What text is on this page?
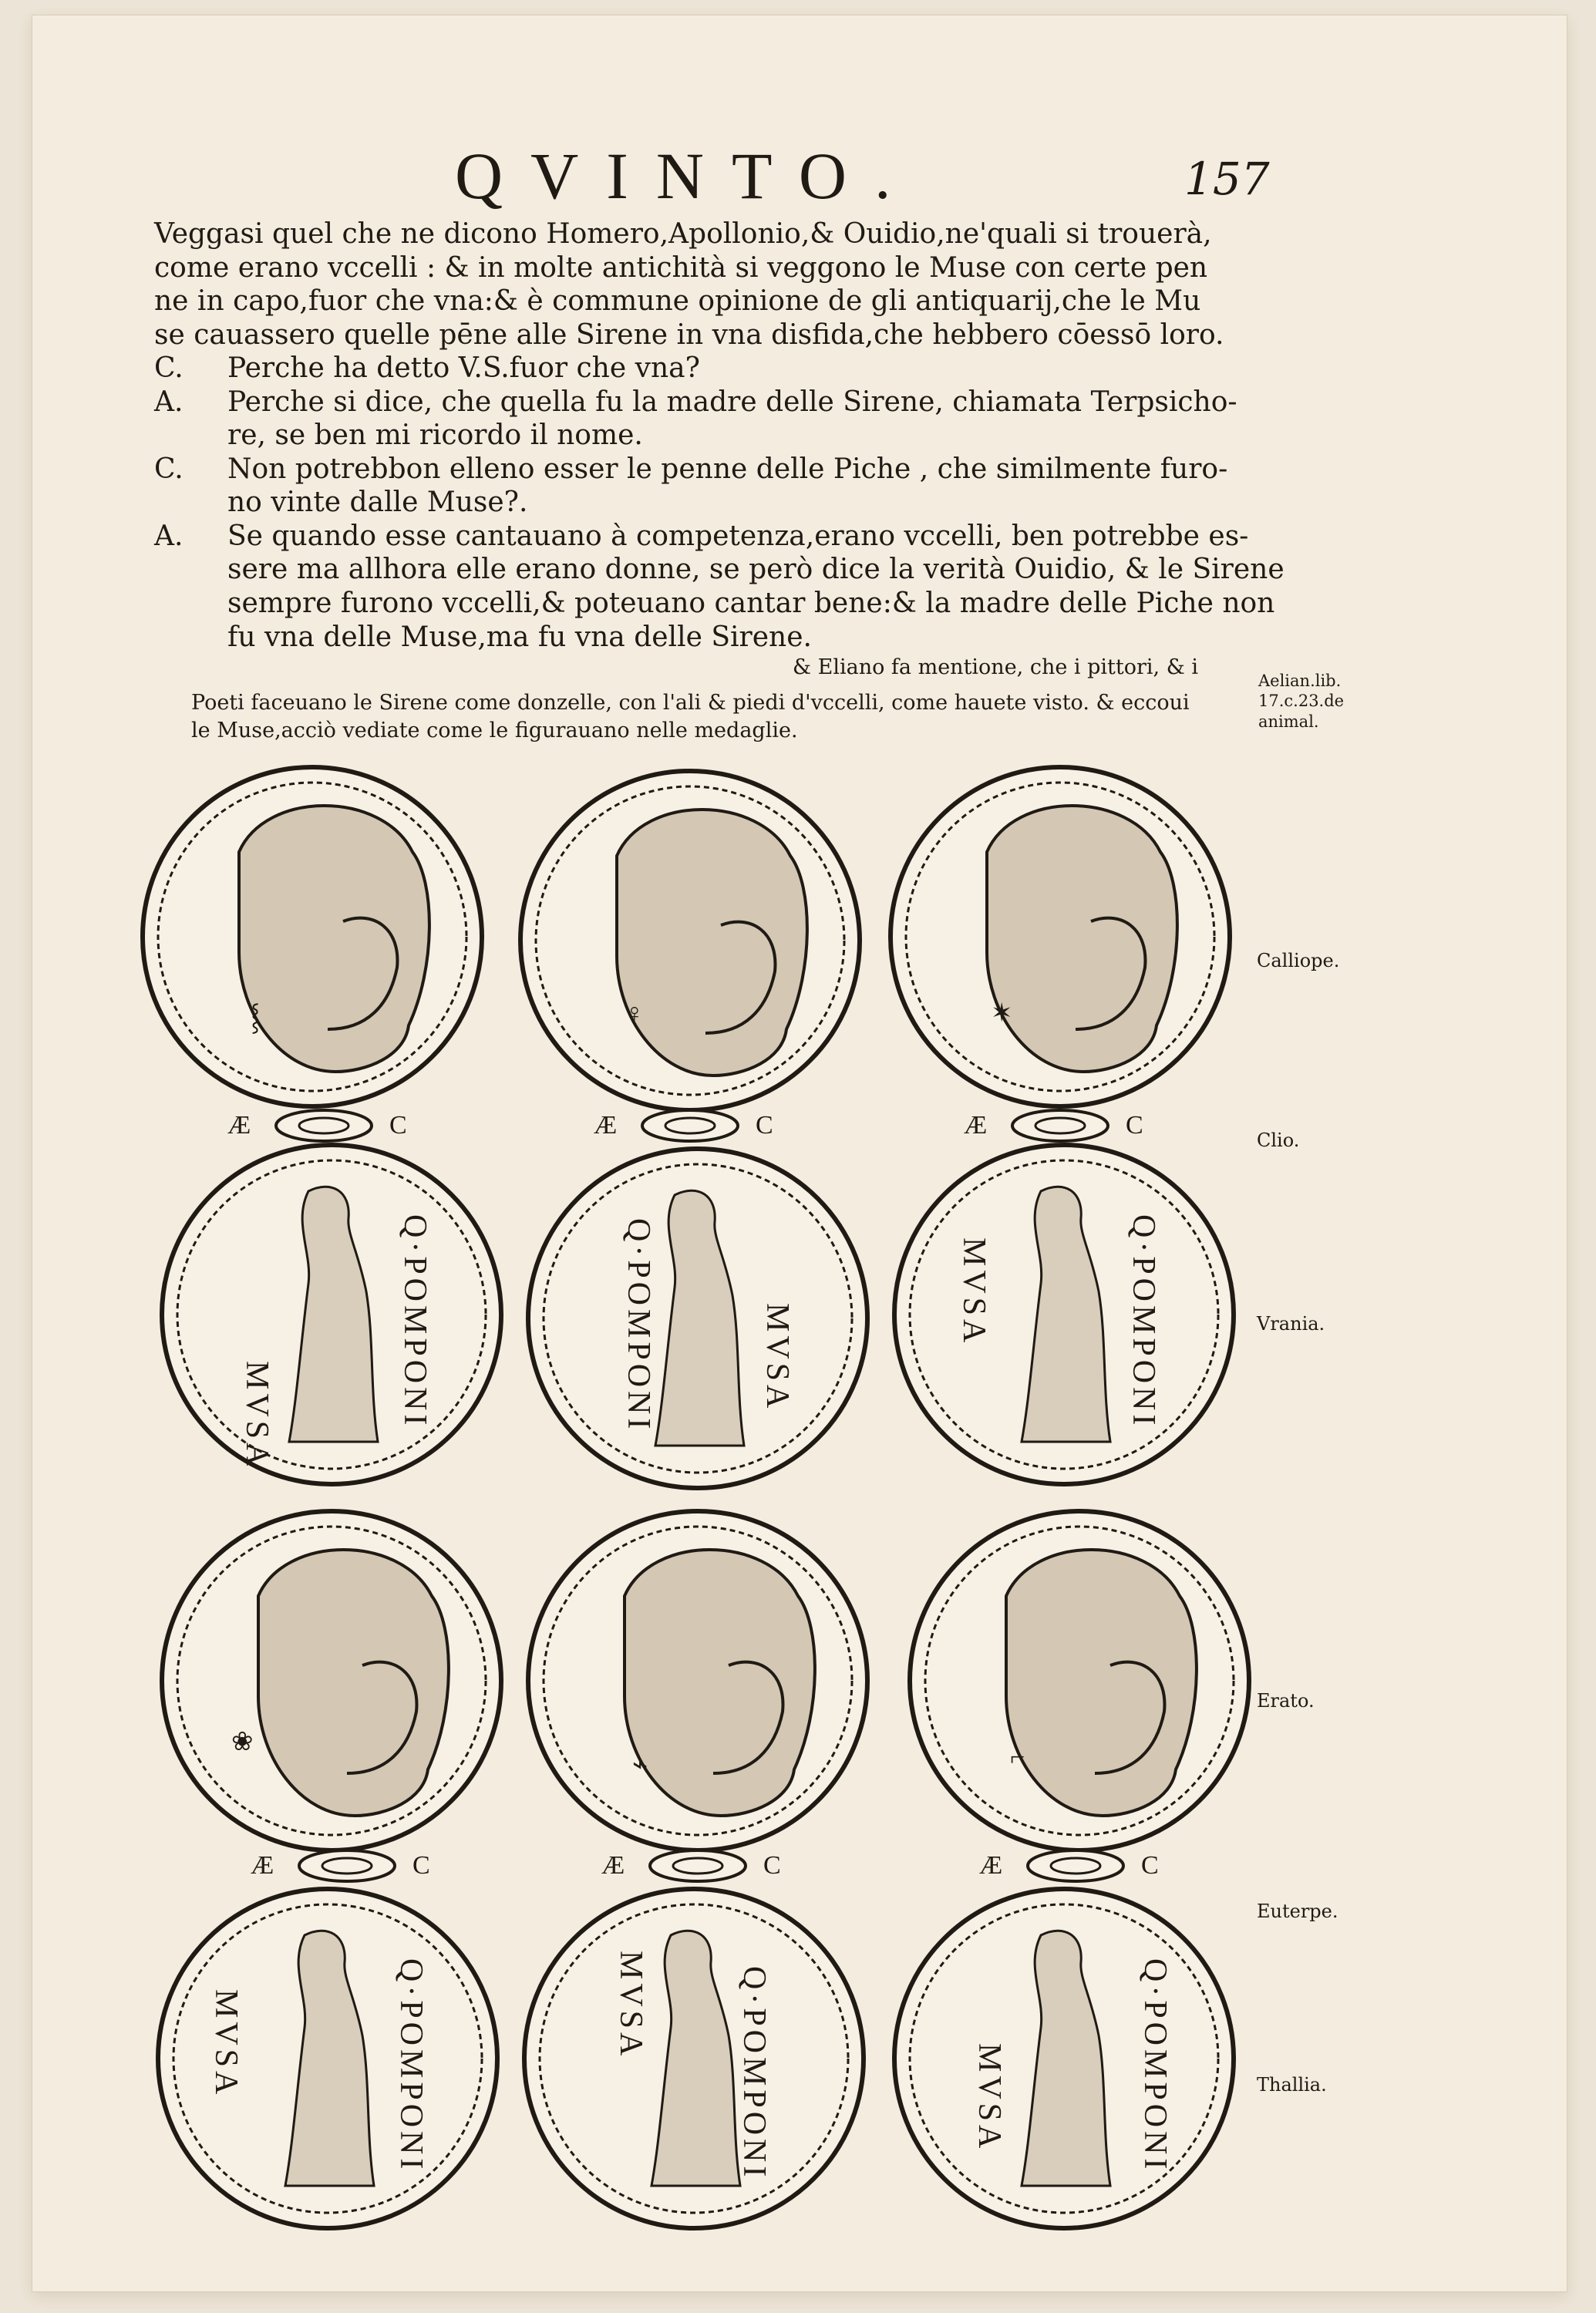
QVINTO.	157
Veggasi quel che ne dicono Homero,Apollonio,& Ouidio,ne'quali si trouerà,
come erano vccelli : & in molte antichità si veggono le Muse con certe pen
ne in capo,fuor che vna:& è commune opinione de gli antiquarij,che le Mu
se cauassero quelle pēne alle Sirene in vna disfida,che hebbero cōessō loro.
C. Perche ha detto V.S.fuor che vna?
A. Perche si dice, che quella fu la madre delle Sirene, chiamata Terpsicho-
re, se ben mi ricordo il nome.
C. Non potrebbon elleno esser le penne delle Piche , che similmente furo-
no vinte dalle Muse?.
A. Se quando esse cantauano à competenza,erano vccelli, ben potrebbe es-
sere ma allhora elle erano donne, se però dice la verità Ouidio, & le Sirene
sempre furono vccelli,& poteuano cantar bene:& la madre delle Piche non
fu vna delle Muse,ma fu vna delle Sirene.
& Eliano fa mentione, che i pittori, & i
Poeti faceuano le Sirene come donzelle, con l'ali & piedi d'vccelli, come hauete visto. & eccoui
le Muse,acciò vediate come le figurauano nelle medaglie.
Aelian.lib.
17.c.23.de
animal.
⸾	♀	✶
Æ	C	Æ	C	Æ	C
Q·POMPONI
MVSA	Q·POMPONI	MVSA	Q·POMPONI
MVSA
❀
⌁	⌐
Æ	C	Æ	C	Æ	C
Q·POMPONI
MVSA	Q·POMPONI
MVSA	Q·POMPONI
MVSA
Calliope.
Clio.
Vrania.
Erato.
Euterpe.
Thallia.
